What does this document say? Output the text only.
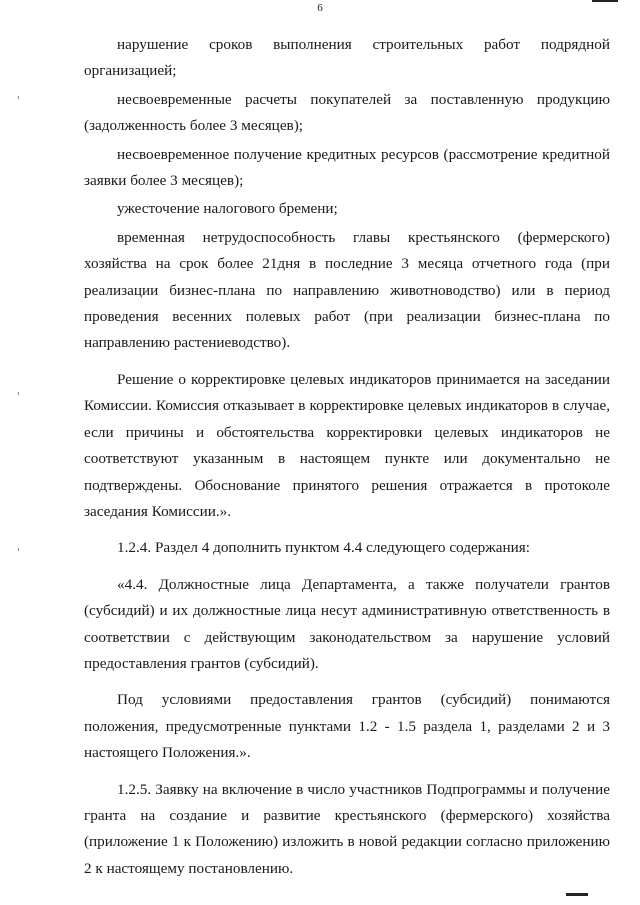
6

нарушение сроков выполнения строительных работ подрядной организацией;

несвоевременные расчеты покупателей за поставленную продукцию (задолженность более 3 месяцев);

несвоевременное получение кредитных ресурсов (рассмотрение кредитной заявки более 3 месяцев);

ужесточение налогового бремени;

временная нетрудоспособность главы крестьянского (фермерского) хозяйства на срок более 21дня в последние 3 месяца отчетного года (при реализации бизнес-плана по направлению животноводство) или в период проведения весенних полевых работ (при реализации бизнес-плана по направлению растениеводство).

Решение о корректировке целевых индикаторов принимается на заседании Комиссии. Комиссия отказывает в корректировке целевых индикаторов в случае, если причины и обстоятельства корректировки целевых индикаторов не соответствуют указанным в настоящем пункте или документально не подтверждены. Обоснование принятого решения отражается в протоколе заседания Комиссии.».

1.2.4. Раздел 4 дополнить пунктом 4.4 следующего содержания:

«4.4. Должностные лица Департамента, а также получатели грантов (субсидий) и их должностные лица несут административную ответственность в соответствии с действующим законодательством за нарушение условий предоставления грантов (субсидий).

Под условиями предоставления грантов (субсидий) понимаются положения, предусмотренные пунктами 1.2 - 1.5 раздела 1, разделами 2 и 3 настоящего Положения.».

1.2.5. Заявку на включение в число участников Подпрограммы и получение гранта на создание и развитие крестьянского (фермерского) хозяйства (приложение 1 к Положению) изложить в новой редакции согласно приложению 2 к настоящему постановлению.
